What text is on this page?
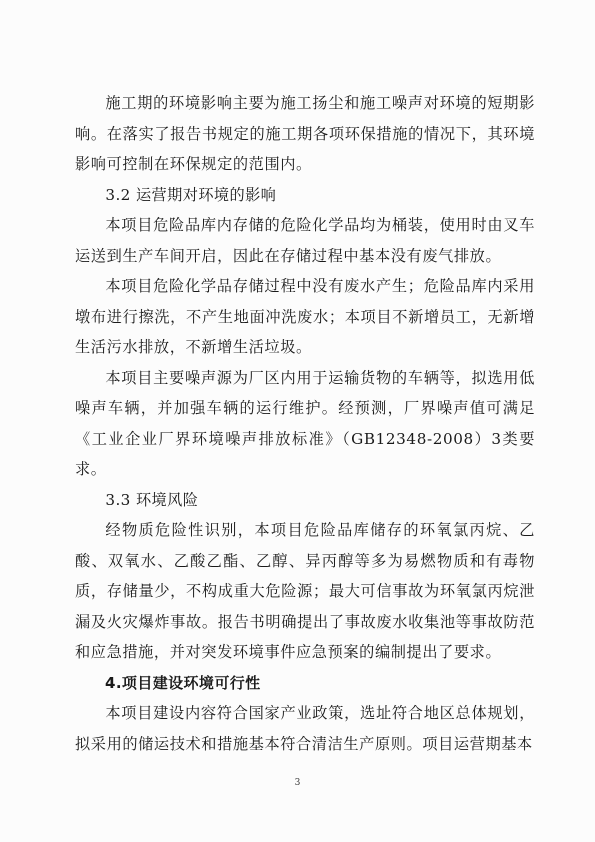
施工期的环境影响主要为施工扬尘和施工噪声对环境的短期影响。在落实了报告书规定的施工期各项环保措施的情况下，其环境影响可控制在环保规定的范围内。

3.2 运营期对环境的影响

本项目危险品库内存储的危险化学品均为桶装，使用时由叉车运送到生产车间开启，因此在存储过程中基本没有废气排放。

本项目危险化学品存储过程中没有废水产生；危险品库内采用墩布进行擦洗，不产生地面冲洗废水；本项目不新增员工，无新增生活污水排放，不新增生活垃圾。

本项目主要噪声源为厂区内用于运输货物的车辆等，拟选用低噪声车辆，并加强车辆的运行维护。经预测，厂界噪声值可满足《工业企业厂界环境噪声排放标准》（GB12348-2008）3类要求。

3.3 环境风险

经物质危险性识别，本项目危险品库储存的环氧氯丙烷、乙酸、双氧水、乙酸乙酯、乙醇、异丙醇等多为易燃物质和有毒物质，存储量少，不构成重大危险源；最大可信事故为环氧氯丙烷泄漏及火灾爆炸事故。报告书明确提出了事故废水收集池等事故防范和应急措施，并对突发环境事件应急预案的编制提出了要求。

4.项目建设环境可行性

本项目建设内容符合国家产业政策，选址符合地区总体规划，拟采用的储运技术和措施基本符合清洁生产原则。项目运营期基本

3
